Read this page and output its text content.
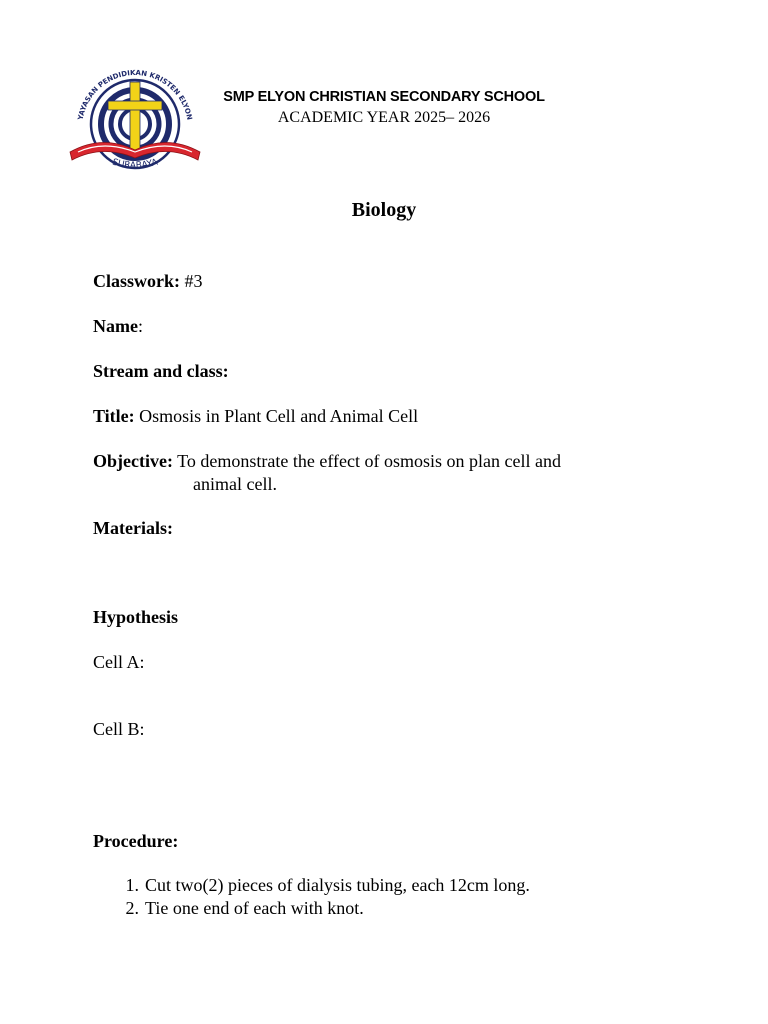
YAYASAN PENDIDIKAN KRISTEN ELYON
SURABAYA
SMP ELYON CHRISTIAN SECONDARY SCHOOL
ACADEMIC YEAR 2025– 2026
Biology
Classwork: #3
Name:
Stream and class:
Title: Osmosis in Plant Cell and Animal Cell
Objective: To demonstrate the effect of osmosis on plan cell and
animal cell.
Materials:
Hypothesis
Cell A:
Cell B:
Procedure:
1. Cut two(2) pieces of dialysis tubing, each 12cm long.
2. Tie one end of each with knot.
